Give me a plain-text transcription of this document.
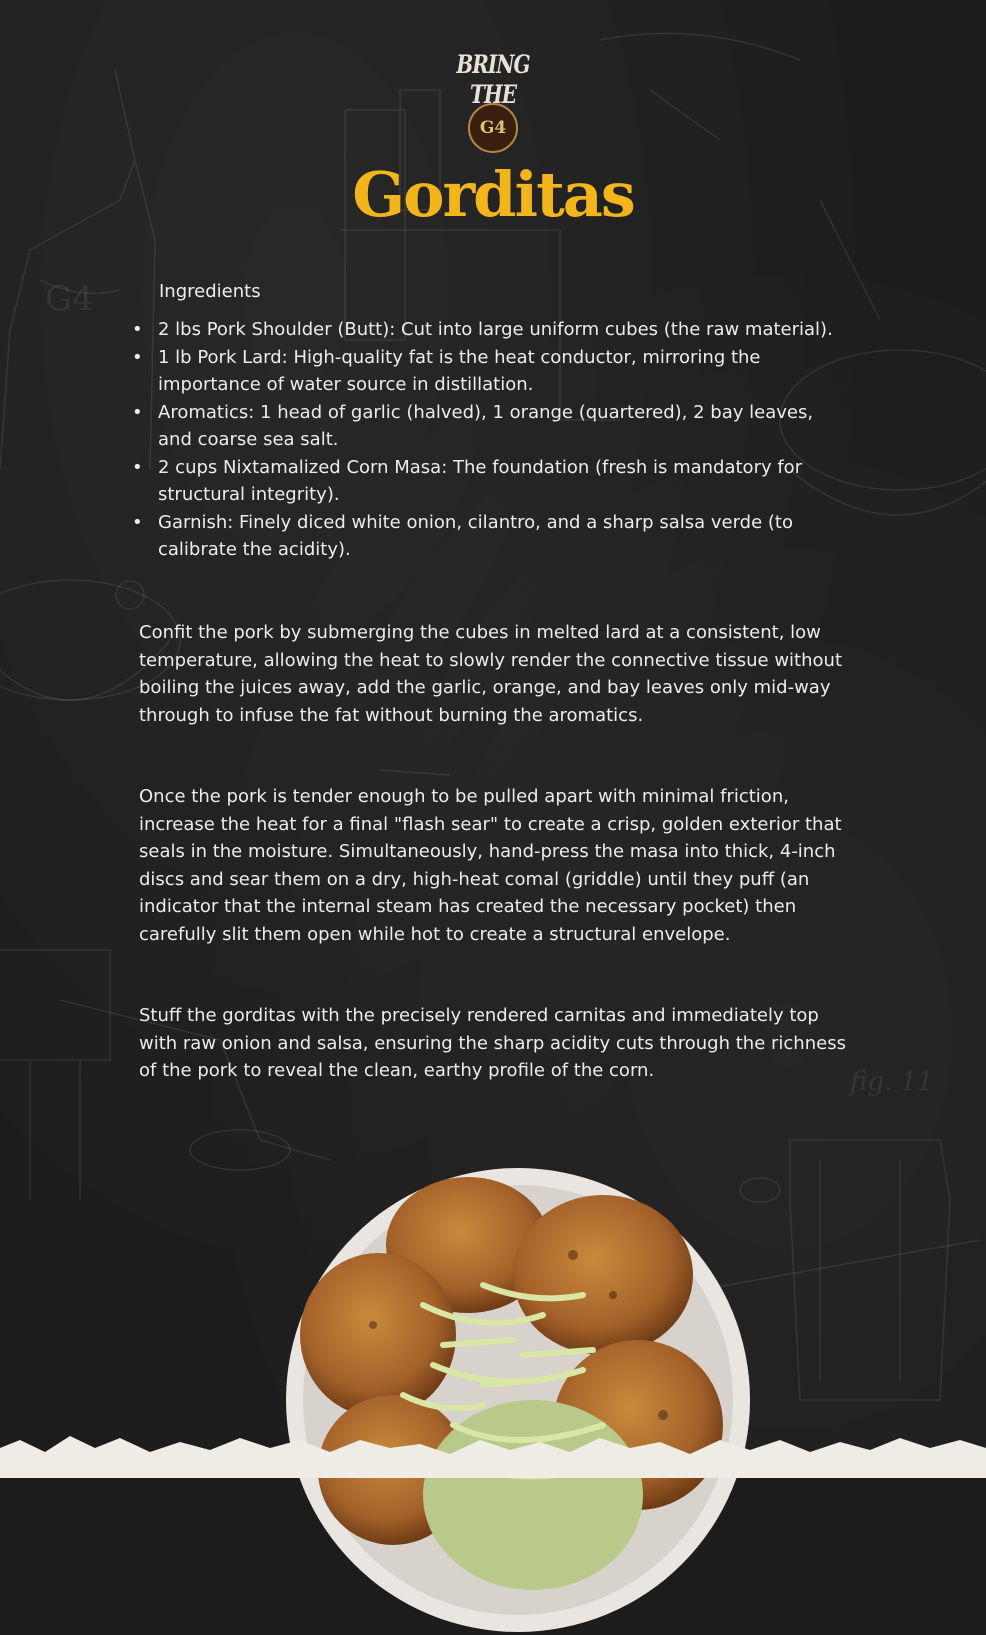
G4
fig. 11
BRING THE
G4
Gorditas
Ingredients
• 2 lbs Pork Shoulder (Butt): Cut into large uniform cubes (the raw material).
• 1 lb Pork Lard: High-quality fat is the heat conductor, mirroring the importance of water source in distillation.
• Aromatics: 1 head of garlic (halved), 1 orange (quartered), 2 bay leaves, and coarse sea salt.
• 2 cups Nixtamalized Corn Masa: The foundation (fresh is mandatory for structural integrity).
• Garnish: Finely diced white onion, cilantro, and a sharp salsa verde (to calibrate the acidity).

Confit the pork by submerging the cubes in melted lard at a consistent, low temperature, allowing the heat to slowly render the connective tissue without boiling the juices away, add the garlic, orange, and bay leaves only mid-way through to infuse the fat without burning the aromatics.

Once the pork is tender enough to be pulled apart with minimal friction, increase the heat for a final "flash sear" to create a crisp, golden exterior that seals in the moisture. Simultaneously, hand-press the masa into thick, 4-inch discs and sear them on a dry, high-heat comal (griddle) until they puff (an indicator that the internal steam has created the necessary pocket) then carefully slit them open while hot to create a structural envelope.

Stuff the gorditas with the precisely rendered carnitas and immediately top with raw onion and salsa, ensuring the sharp acidity cuts through the richness of the pork to reveal the clean, earthy profile of the corn.
